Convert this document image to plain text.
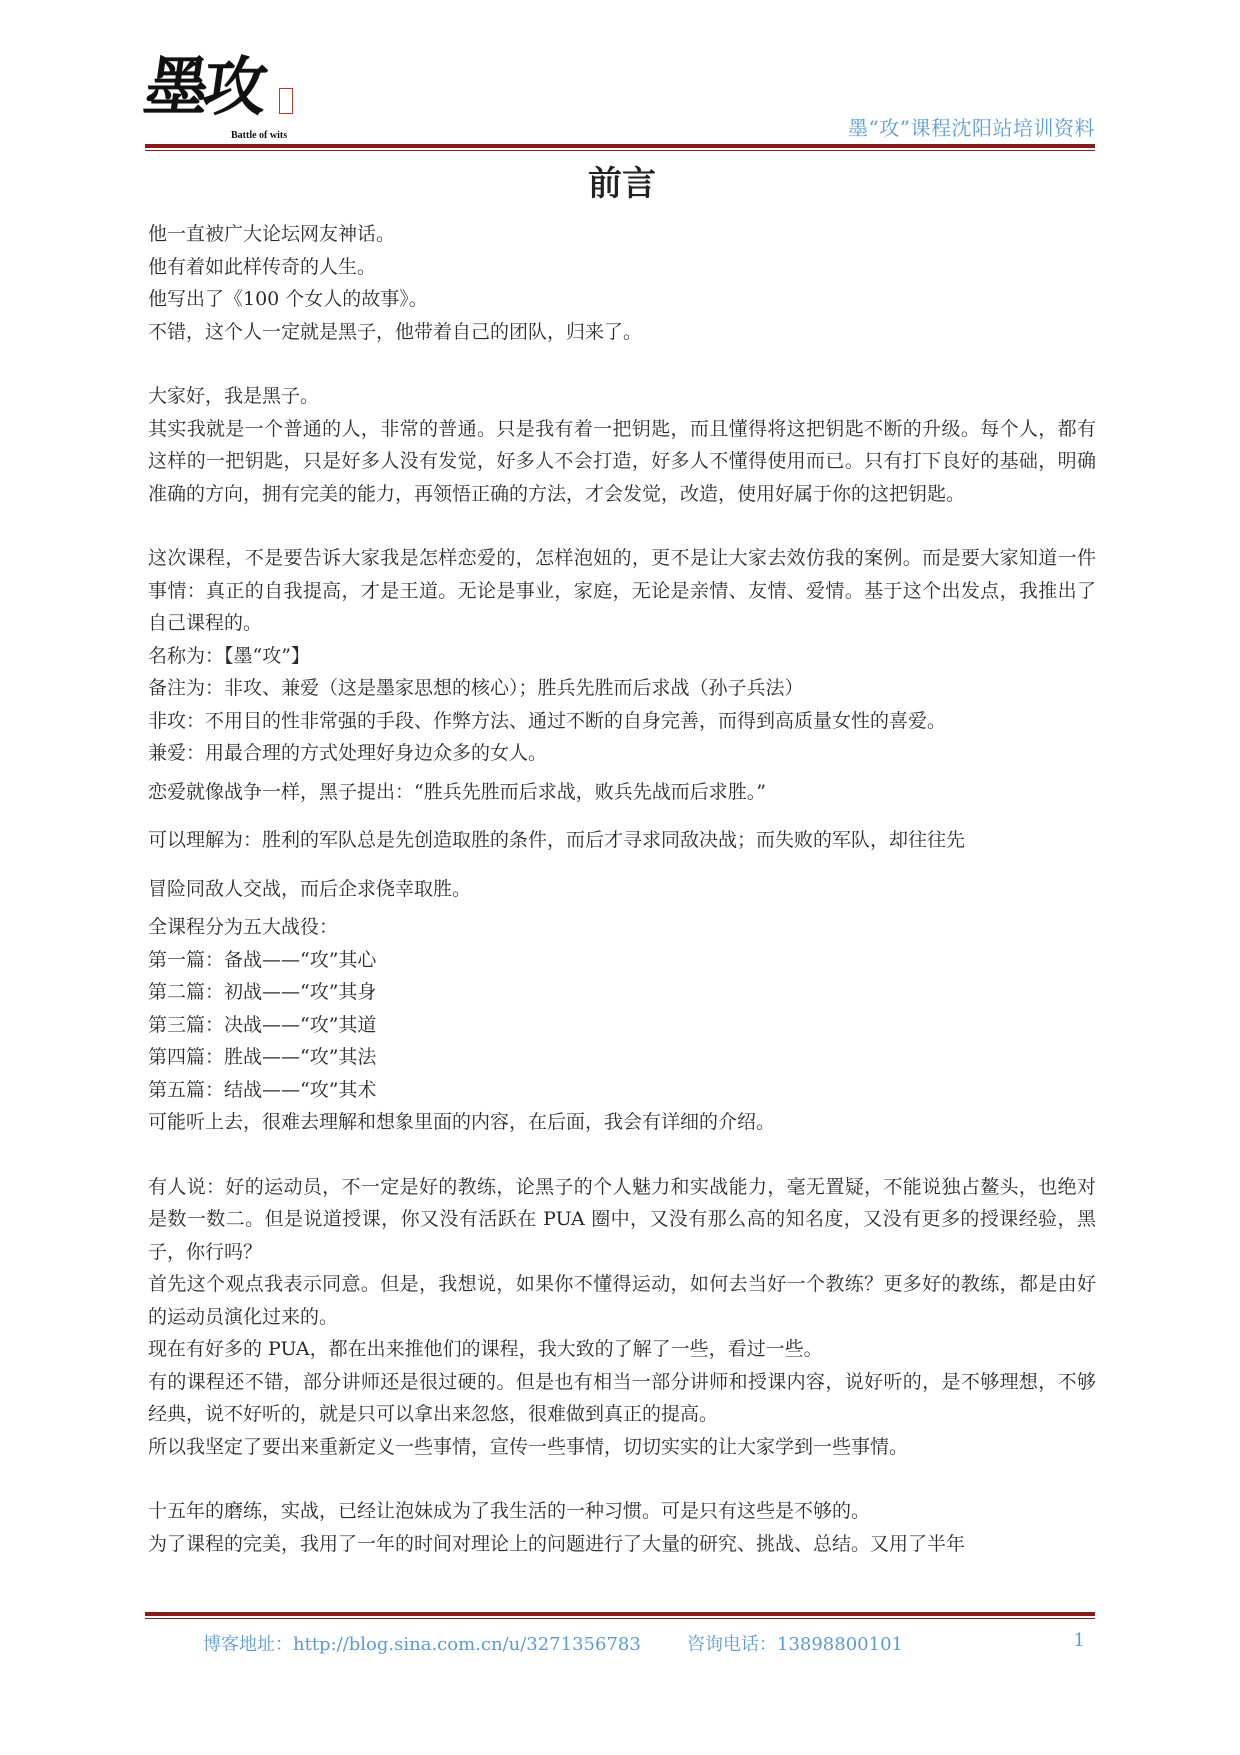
墨攻
Battle of wits	墨“攻”课程沈阳站培训资料
前言

他一直被广大论坛网友神话。

他有着如此样传奇的人生。

他写出了《100 个女人的故事》。

不错，这个人一定就是黑子，他带着自己的团队，归来了。

大家好，我是黑子。

其实我就是一个普通的人，非常的普通。只是我有着一把钥匙，而且懂得将这把钥匙不断的升级。每个人，都有这样的一把钥匙，只是好多人没有发觉，好多人不会打造，好多人不懂得使用而已。只有打下良好的基础，明确准确的方向，拥有完美的能力，再领悟正确的方法，才会发觉，改造，使用好属于你的这把钥匙。

这次课程，不是要告诉大家我是怎样恋爱的，怎样泡妞的，更不是让大家去效仿我的案例。而是要大家知道一件事情：真正的自我提高，才是王道。无论是事业，家庭，无论是亲情、友情、爱情。基于这个出发点，我推出了自己课程的。

名称为：【墨“攻”】

备注为：非攻、兼爱（这是墨家思想的核心）；胜兵先胜而后求战（孙子兵法）

非攻：不用目的性非常强的手段、作弊方法、通过不断的自身完善，而得到高质量女性的喜爱。

兼爱：用最合理的方式处理好身边众多的女人。

恋爱就像战争一样，黑子提出：“胜兵先胜而后求战，败兵先战而后求胜。”

可以理解为：胜利的军队总是先创造取胜的条件，而后才寻求同敌决战；而失败的军队，却往往先

冒险同敌人交战，而后企求侥幸取胜。

全课程分为五大战役：

第一篇：备战——“攻”其心

第二篇：初战——“攻”其身

第三篇：决战——“攻”其道

第四篇：胜战——“攻”其法

第五篇：结战——“攻”其术

可能听上去，很难去理解和想象里面的内容，在后面，我会有详细的介绍。

有人说：好的运动员，不一定是好的教练，论黑子的个人魅力和实战能力，毫无置疑，不能说独占鳌头，也绝对是数一数二。但是说道授课，你又没有活跃在 PUA 圈中，又没有那么高的知名度，又没有更多的授课经验，黑子，你行吗？

首先这个观点我表示同意。但是，我想说，如果你不懂得运动，如何去当好一个教练？更多好的教练，都是由好的运动员演化过来的。

现在有好多的 PUA，都在出来推他们的课程，我大致的了解了一些，看过一些。

有的课程还不错，部分讲师还是很过硬的。但是也有相当一部分讲师和授课内容，说好听的，是不够理想，不够经典，说不好听的，就是只可以拿出来忽悠，很难做到真正的提高。

所以我坚定了要出来重新定义一些事情，宣传一些事情，切切实实的让大家学到一些事情。

十五年的磨练，实战，已经让泡妹成为了我生活的一种习惯。可是只有这些是不够的。

为了课程的完美，我用了一年的时间对理论上的问题进行了大量的研究、挑战、总结。又用了半年

博客地址：http://blog.sina.com.cn/u/3271356783	咨询电话：13898800101	1
